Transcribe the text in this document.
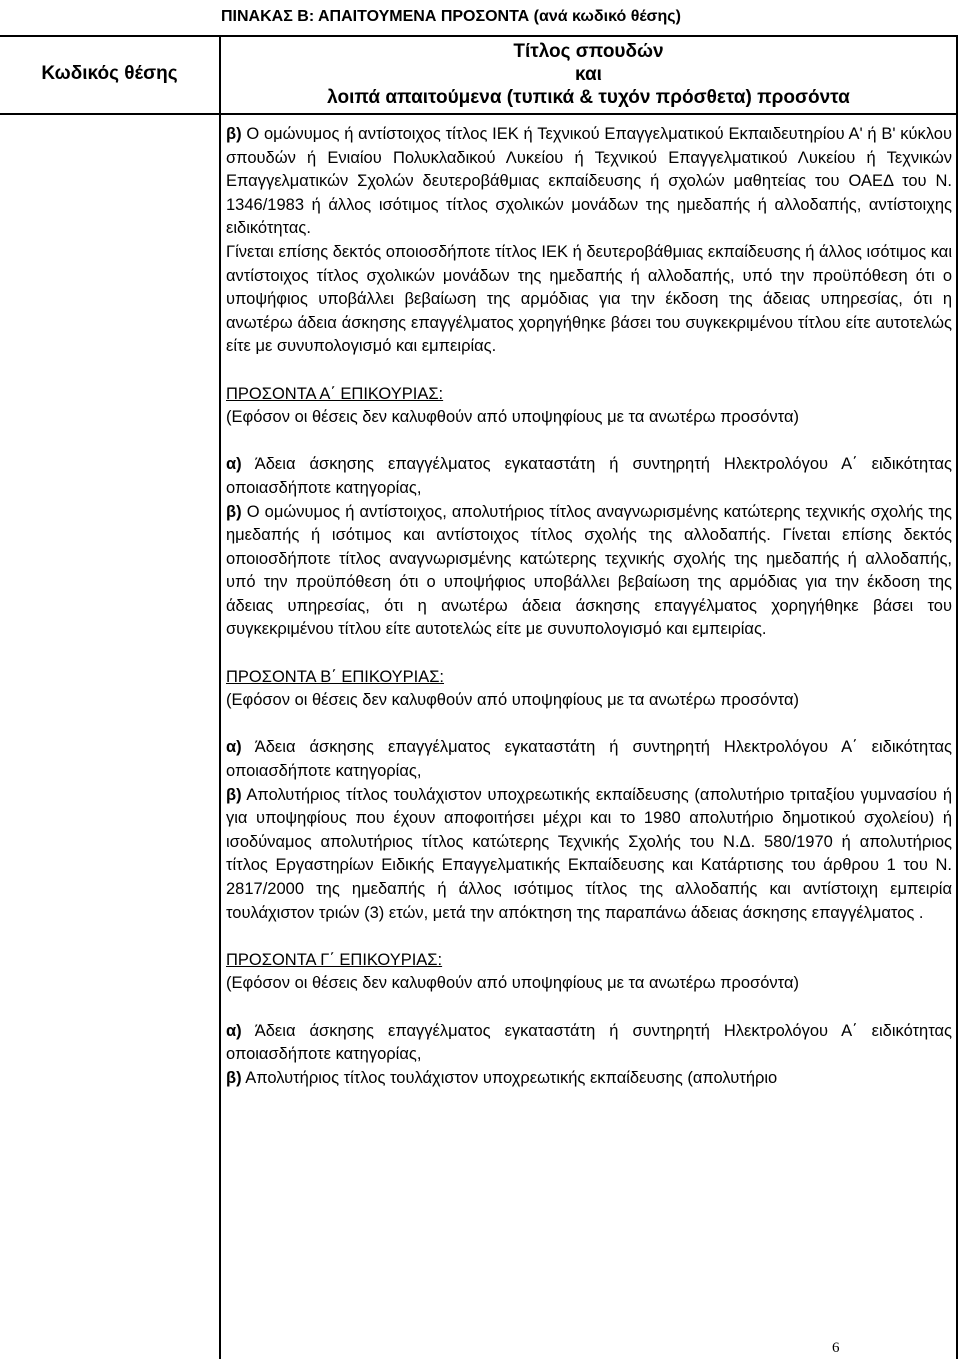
ΠΙΝΑΚΑΣ Β: ΑΠΑΙΤΟΥΜΕΝΑ ΠΡΟΣΟΝΤΑ (ανά κωδικό θέσης)
Κωδικός θέσης
Τίτλος σπουδών
και
λοιπά απαιτούμενα (τυπικά & τυχόν πρόσθετα) προσόντα

β) Ο ομώνυμος ή αντίστοιχος τίτλος ΙΕΚ ή Τεχνικού Επαγγελματικού Εκπαιδευτηρίου Α' ή Β' κύκλου σπουδών ή Ενιαίου Πολυκλαδικού Λυκείου ή Τεχνικού Επαγγελματικού Λυκείου ή Τεχνικών Επαγγελματικών Σχολών δευτεροβάθμιας εκπαίδευσης ή σχολών μαθητείας του ΟΑΕΔ του Ν. 1346/1983 ή άλλος ισότιμος τίτλος σχολικών μονάδων της ημεδαπής ή αλλοδαπής, αντίστοιχης ειδικότητας.

Γίνεται επίσης δεκτός οποιοσδήποτε τίτλος ΙΕΚ ή δευτεροβάθμιας εκπαίδευσης ή άλλος ισότιμος και αντίστοιχος τίτλος σχολικών μονάδων της ημεδαπής ή αλλοδαπής, υπό την προϋπόθεση ότι ο υποψήφιος υποβάλλει βεβαίωση της αρμόδιας για την έκδοση της άδειας υπηρεσίας, ότι η ανωτέρω άδεια άσκησης επαγγέλματος χορηγήθηκε βάσει του συγκεκριμένου τίτλου είτε αυτοτελώς είτε με συνυπολογισμό και εμπειρίας.

ΠΡΟΣΟΝΤΑ Α΄ ΕΠΙΚΟΥΡΙΑΣ:

(Εφόσον οι θέσεις δεν καλυφθούν από υποψηφίους με τα ανωτέρω προσόντα)

α) Άδεια άσκησης επαγγέλματος εγκαταστάτη ή συντηρητή Ηλεκτρολόγου Α΄ ειδικότητας οποιασδήποτε κατηγορίας,

β) Ο ομώνυμος ή αντίστοιχος, απολυτήριος τίτλος αναγνωρισμένης κατώτερης τεχνικής σχολής της ημεδαπής ή ισότιμος και αντίστοιχος τίτλος σχολής της αλλοδαπής. Γίνεται επίσης δεκτός οποιοσδήποτε τίτλος αναγνωρισμένης κατώτερης τεχνικής σχολής της ημεδαπής ή αλλοδαπής, υπό την προϋπόθεση ότι ο υποψήφιος υποβάλλει βεβαίωση της αρμόδιας για την έκδοση της άδειας υπηρεσίας, ότι η ανωτέρω άδεια άσκησης επαγγέλματος χορηγήθηκε βάσει του συγκεκριμένου τίτλου είτε αυτοτελώς είτε με συνυπολογισμό και εμπειρίας.

ΠΡΟΣΟΝΤΑ Β΄ ΕΠΙΚΟΥΡΙΑΣ:

(Εφόσον οι θέσεις δεν καλυφθούν από υποψηφίους με τα ανωτέρω προσόντα)

α) Άδεια άσκησης επαγγέλματος εγκαταστάτη ή συντηρητή Ηλεκτρολόγου Α΄ ειδικότητας οποιασδήποτε κατηγορίας,

β) Απολυτήριος τίτλος τουλάχιστον υποχρεωτικής εκπαίδευσης (απολυτήριο τριταξίου γυμνασίου ή για υποψηφίους που έχουν αποφοιτήσει μέχρι και το 1980 απολυτήριο δημοτικού σχολείου) ή ισοδύναμος απολυτήριος τίτλος κατώτερης Τεχνικής Σχολής του Ν.Δ. 580/1970 ή απολυτήριος τίτλος Εργαστηρίων Ειδικής Επαγγελματικής Εκπαίδευσης και Κατάρτισης του άρθρου 1 του Ν. 2817/2000 της ημεδαπής ή άλλος ισότιμος τίτλος της αλλοδαπής και αντίστοιχη εμπειρία τουλάχιστον τριών (3) ετών, μετά την απόκτηση της παραπάνω άδειας άσκησης επαγγέλματος .

ΠΡΟΣΟΝΤΑ Γ΄ ΕΠΙΚΟΥΡΙΑΣ:

(Εφόσον οι θέσεις δεν καλυφθούν από υποψηφίους με τα ανωτέρω προσόντα)

α) Άδεια άσκησης επαγγέλματος εγκαταστάτη ή συντηρητή Ηλεκτρολόγου Α΄ ειδικότητας οποιασδήποτε κατηγορίας,

β) Απολυτήριος τίτλος τουλάχιστον υποχρεωτικής εκπαίδευσης (απολυτήριο

6
